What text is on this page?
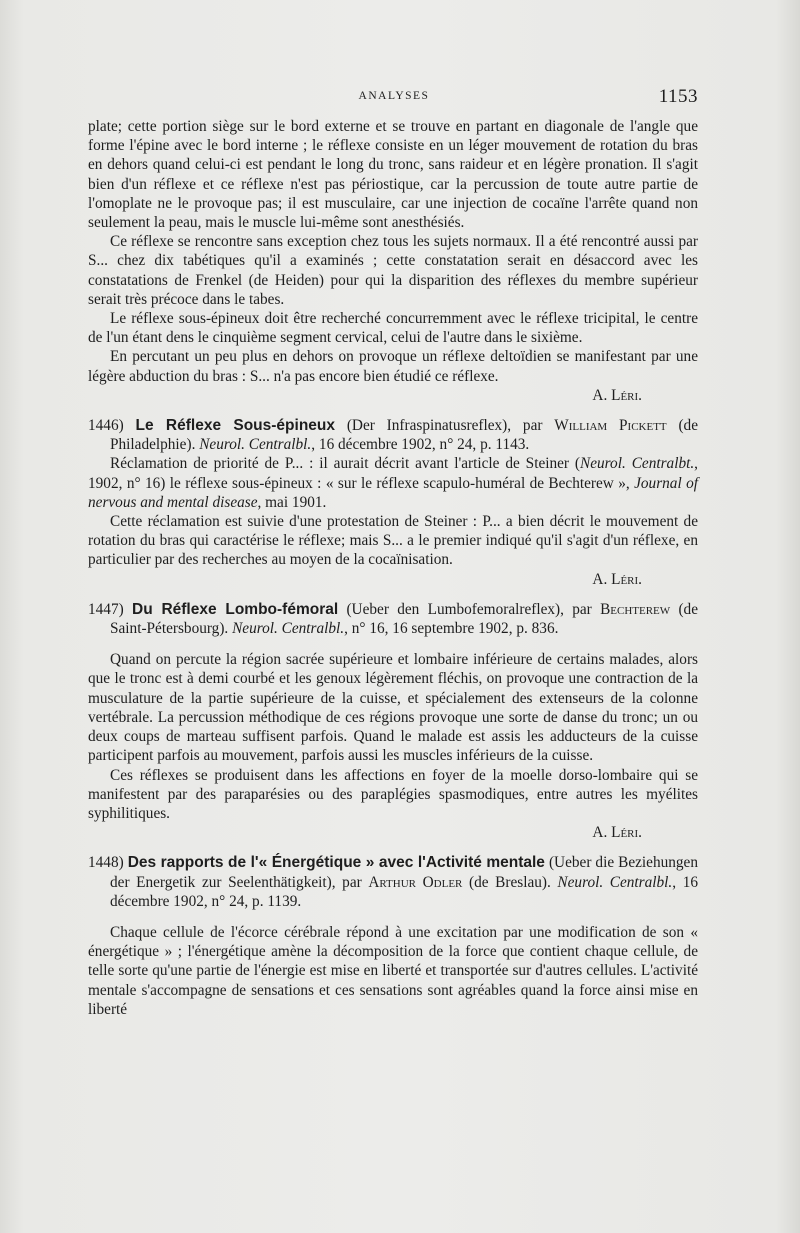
ANALYSES	1153

plate; cette portion siège sur le bord externe et se trouve en partant en diagonale de l'angle que forme l'épine avec le bord interne ; le réflexe consiste en un léger mouvement de rotation du bras en dehors quand celui-ci est pendant le long du tronc, sans raideur et en légère pronation. Il s'agit bien d'un réflexe et ce réflexe n'est pas périostique, car la percussion de toute autre partie de l'omoplate ne le provoque pas; il est musculaire, car une injection de cocaïne l'arrête quand non seulement la peau, mais le muscle lui-même sont anesthésiés.

Ce réflexe se rencontre sans exception chez tous les sujets normaux. Il a été rencontré aussi par S... chez dix tabétiques qu'il a examinés ; cette constatation serait en désaccord avec les constatations de Frenkel (de Heiden) pour qui la disparition des réflexes du membre supérieur serait très précoce dans le tabes.

Le réflexe sous-épineux doit être recherché concurremment avec le réflexe tricipital, le centre de l'un étant dens le cinquième segment cervical, celui de l'autre dans le sixième.

En percutant un peu plus en dehors on provoque un réflexe deltoïdien se manifestant par une légère abduction du bras : S... n'a pas encore bien étudié ce réflexe.

A. Léri.

1446) Le Réflexe Sous-épineux (Der Infraspinatusreflex), par William Pickett (de Philadelphie). Neurol. Centralbl., 16 décembre 1902, n° 24, p. 1143.

Réclamation de priorité de P... : il aurait décrit avant l'article de Steiner (Neurol. Centralbt., 1902, n° 16) le réflexe sous-épineux : « sur le réflexe scapulo-huméral de Bechterew », Journal of nervous and mental disease, mai 1901.

Cette réclamation est suivie d'une protestation de Steiner : P... a bien décrit le mouvement de rotation du bras qui caractérise le réflexe; mais S... a le premier indiqué qu'il s'agit d'un réflexe, en particulier par des recherches au moyen de la cocaïnisation.

A. Léri.

1447) Du Réflexe Lombo-fémoral (Ueber den Lumbofemoralreflex), par Bechterew (de Saint-Pétersbourg). Neurol. Centralbl., n° 16, 16 septembre 1902, p. 836.

Quand on percute la région sacrée supérieure et lombaire inférieure de certains malades, alors que le tronc est à demi courbé et les genoux légèrement fléchis, on provoque une contraction de la musculature de la partie supérieure de la cuisse, et spécialement des extenseurs de la colonne vertébrale. La percussion méthodique de ces régions provoque une sorte de danse du tronc; un ou deux coups de marteau suffisent parfois. Quand le malade est assis les adducteurs de la cuisse participent parfois au mouvement, parfois aussi les muscles inférieurs de la cuisse.

Ces réflexes se produisent dans les affections en foyer de la moelle dorso-lombaire qui se manifestent par des paraparésies ou des paraplégies spasmodiques, entre autres les myélites syphilitiques.

A. Léri.

1448) Des rapports de l'« Énergétique » avec l'Activité mentale (Ueber die Beziehungen der Energetik zur Seelenthätigkeit), par Arthur Odler (de Breslau). Neurol. Centralbl., 16 décembre 1902, n° 24, p. 1139.

Chaque cellule de l'écorce cérébrale répond à une excitation par une modification de son « énergétique » ; l'énergétique amène la décomposition de la force que contient chaque cellule, de telle sorte qu'une partie de l'énergie est mise en liberté et transportée sur d'autres cellules. L'activité mentale s'accompagne de sensations et ces sensations sont agréables quand la force ainsi mise en liberté
